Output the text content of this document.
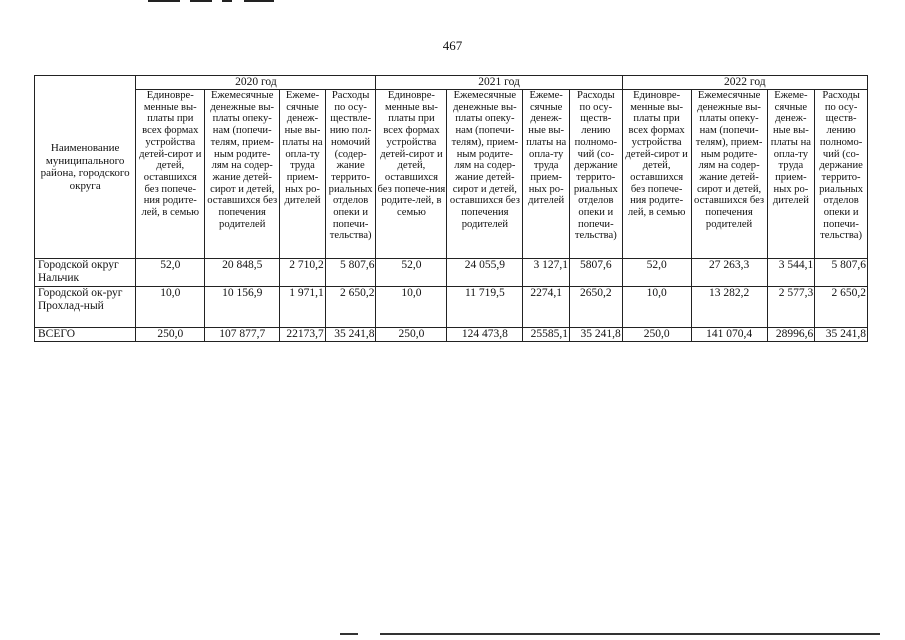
467
Наименование муниципального района, городского округа	2020 год				2021 год				2022 год			
	Единовре-менные вы-платы при всех формах устройства детей-сирот и детей, оставшихся без попече-ния родите-лей, в семью	Ежемесячные денежные вы-платы опеку-нам (попечи-телям, прием-ным родите-лям на содер-жание детей-сирот и детей, оставшихся без попечения родителей	Ежеме-сячные денеж-ные вы-платы на опла-ту труда прием-ных ро-дителей	Расходы по осу-ществле-нию пол-номочий (содер-жание террито-риальных отделов опеки и попечи-тельства)	Единовре-менные вы-платы при всех формах устройства детей-сирот и детей, оставшихся без попече-ния родите-лей, в семью	Ежемесячные денежные вы-платы опеку-нам (попечи-телям), прием-ным родите-лям на содер-жание детей-сирот и детей, оставшихся без попечения родителей	Ежеме-сячные денеж-ные вы-платы на опла-ту труда прием-ных ро-дителей	Расходы по осу-ществ-лению полномо-чий (со-держание террито-риальных отделов опеки и попечи-тельства)	Единовре-менные вы-платы при всех формах устройства детей-сирот и детей, оставшихся без попече-ния родите-лей, в семью	Ежемесячные денежные вы-платы опеку-нам (попечи-телям), прием-ным родите-лям на содер-жание детей-сирот и детей, оставшихся без попечения родителей	Ежеме-сячные денеж-ные вы-платы на опла-ту труда прием-ных ро-дителей	Расходы по осу-ществ-лению полномо-чий (со-держание террито-риальных отделов опеки и попечи-тельства)
Городской округ Нальчик	52,0	20 848,5	2 710,2	5 807,6	52,0	24 055,9	3 127,1	5807,6	52,0	27 263,3	3 544,1	5 807,6
Городской ок-руг Прохлад-ный	10,0	10 156,9	1 971,1	2 650,2	10,0	11 719,5	2274,1	2650,2	10,0	13 282,2	2 577,3	2 650,2
ВСЕГО	250,0	107 877,7	22173,7	35 241,8	250,0	124 473,8	25585,1	35 241,8	250,0	141 070,4	28996,6	35 241,8
